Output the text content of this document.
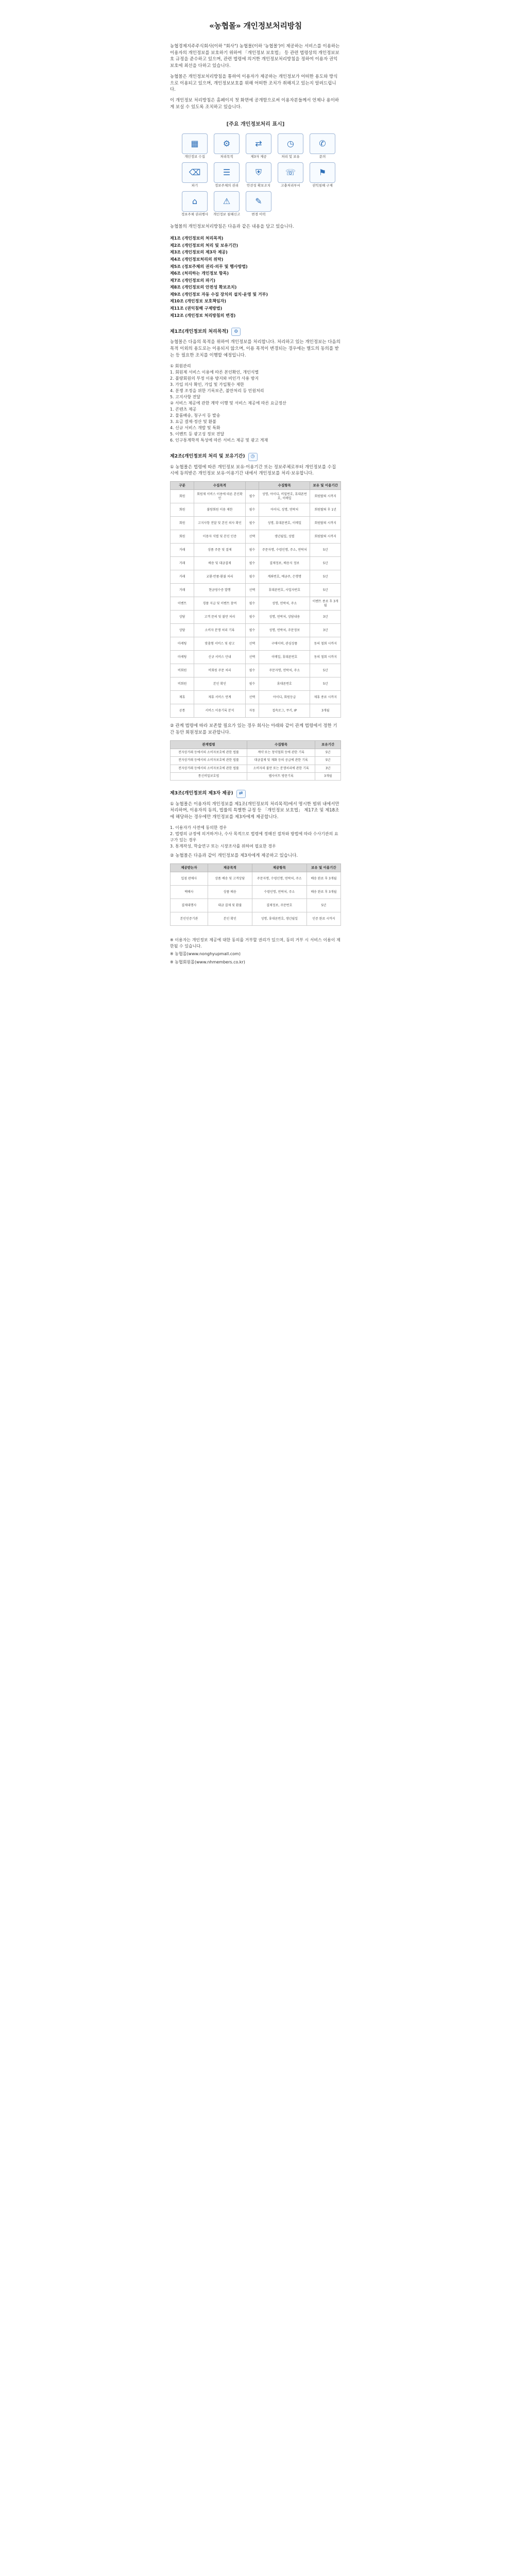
«농협몰» 개인정보처리방침

농협경제지주주식회사(이하 "회사") 농협몰(이하 '농협몰')이 제공하는 서비스를 이용하는 이용자의 개인정보를 보호하기 위하여 「개인정보 보호법」 등 관련 법령상의 개인정보보호 규정을 준수하고 있으며, 관련 법령에 의거한 개인정보처리방침을 정하여 이용자 권익 보호에 최선을 다하고 있습니다.

농협몰은 개인정보처리방침을 통하여 이용자가 제공하는 개인정보가 어떠한 용도와 방식으로 이용되고 있으며, 개인정보보호를 위해 어떠한 조치가 취해지고 있는지 알려드립니다.

이 개인정보 처리방침은 홈페이지 첫 화면에 공개함으로써 이용자분들께서 언제나 용이하게 보실 수 있도록 조치하고 있습니다.

[주요 개인정보처리 표시]
▦
개인정보 수집
⚙
처리목적
⇄
제3자 제공
◷
처리 및 보유
✆
문의
⌫
파기
☰
정보주체의 권리
⛨
안전성 확보조치
☏
고충처리부서
⚑
권익침해 구제
⌂
정보주체 권리행사
⚠
개인정보 침해신고
✎
변경 이력

농협몰의 개인정보처리방침은 다음과 같은 내용을 담고 있습니다.

제1조 (개인정보의 처리목적)
제2조 (개인정보의 처리 및 보유기간)
제3조 (개인정보의 제3자 제공)
제4조 (개인정보처리의 위탁)
제5조 (정보주체의 권리·의무 및 행사방법)
제6조 (처리하는 개인정보 항목)
제7조 (개인정보의 파기)
제8조 (개인정보의 안전성 확보조치)
제9조 (개인정보 자동 수집 장치의 설치·운영 및 거부)
제10조 (개인정보 보호책임자)
제11조 (권익침해 구제방법)
제12조 (개인정보 처리방침의 변경)
제1조(개인정보의 처리목적)	⚙

농협몰은 다음의 목적을 위하여 개인정보를 처리합니다. 처리하고 있는 개인정보는 다음의 목적 이외의 용도로는 이용되지 않으며, 이용 목적이 변경되는 경우에는 별도의 동의를 받는 등 필요한 조치를 이행할 예정입니다.

① 회원관리
1. 회원제 서비스 이용에 따른 본인확인, 개인식별
2. 불량회원의 부정 이용 방지와 비인가 사용 방지
3. 가입 의사 확인, 가입 및 가입횟수 제한
4. 분쟁 조정을 위한 기록보존, 불만처리 등 민원처리
5. 고지사항 전달
② 서비스 제공에 관한 계약 이행 및 서비스 제공에 따른 요금정산
1. 콘텐츠 제공
2. 물품배송, 청구서 등 발송
3. 요금 결제·정산 및 환불
4. 신규 서비스 개발 및 특화
5. 이벤트 등 광고성 정보 전달
6. 인구통계학적 특성에 따른 서비스 제공 및 광고 게재
제2조(개인정보의 처리 및 보유기간)	◷

① 농협몰은 법령에 따른 개인정보 보유·이용기간 또는 정보주체로부터 개인정보를 수집 시에 동의받은 개인정보 보유·이용기간 내에서 개인정보를 처리·보유합니다.

구분	수집목적		수집항목	보유 및 이용기간
회원	회원제 서비스 이용에 따른 본인확인	필수	성명, 아이디, 비밀번호, 휴대폰번호, 이메일	회원탈퇴 시까지
회원	불량회원 이용 제한	필수	아이디, 성명, 연락처	회원탈퇴 후 1년
회원	고지사항 전달 및 본인 의사 확인	필수	성명, 휴대폰번호, 이메일	회원탈퇴 시까지
회원	이용자 식별 및 본인 인증	선택	생년월일, 성별	회원탈퇴 시까지
거래	상품 주문 및 결제	필수	주문자명, 수령인명, 주소, 연락처	5년
거래	배송 및 대금결제	필수	결제정보, 배송지 정보	5년
거래	교환·반품·환불 처리	필수	계좌번호, 예금주, 은행명	5년
거래	현금영수증 발행	선택	휴대폰번호, 사업자번호	5년
이벤트	경품 지급 및 이벤트 참여	필수	성명, 연락처, 주소	이벤트 종료 후 3개월
상담	고객 문의 및 불만 처리	필수	성명, 연락처, 상담내용	3년
상담	소비자 분쟁 처리 기록	필수	성명, 연락처, 주문정보	3년
마케팅	맞춤형 서비스 및 광고	선택	구매이력, 관심상품	동의 철회 시까지
마케팅	신규 서비스 안내	선택	이메일, 휴대폰번호	동의 철회 시까지
비회원	비회원 주문 처리	필수	주문자명, 연락처, 주소	5년
비회원	본인 확인	필수	휴대폰번호	5년
제휴	제휴 서비스 연계	선택	아이디, 회원등급	제휴 종료 시까지
공통	서비스 이용기록 분석	자동	접속로그, 쿠키, IP	3개월

② 관계 법령에 따라 보존할 필요가 있는 경우 회사는 아래와 같이 관계 법령에서 정한 기간 동안 회원정보를 보관합니다.

관계법령	수집항목	보유기간
전자상거래 등에서의 소비자보호에 관한 법률	계약 또는 청약철회 등에 관한 기록	5년
전자상거래 등에서의 소비자보호에 관한 법률	대금결제 및 재화 등의 공급에 관한 기록	5년
전자상거래 등에서의 소비자보호에 관한 법률	소비자의 불만 또는 분쟁처리에 관한 기록	3년
통신비밀보호법	웹사이트 방문기록	3개월
제3조(개인정보의 제3자 제공)	⇄

① 농협몰은 이용자의 개인정보를 제1조(개인정보의 처리목적)에서 명시한 범위 내에서만 처리하며, 이용자의 동의, 법률의 특별한 규정 등 「개인정보 보호법」 제17조 및 제18조에 해당하는 경우에만 개인정보를 제3자에게 제공합니다.

1. 이용자가 사전에 동의한 경우
2. 법령의 규정에 의거하거나, 수사 목적으로 법령에 정해진 절차와 방법에 따라 수사기관의 요구가 있는 경우
3. 통계작성, 학술연구 또는 시장조사를 위하여 필요한 경우

② 농협몰은 다음과 같이 개인정보를 제3자에게 제공하고 있습니다.

제공받는자	제공목적	제공항목	보유 및 이용기간
입점 판매사	상품 배송 및 고객상담	주문자명, 수령인명, 연락처, 주소	배송 완료 후 3개월
택배사	상품 배송	수령인명, 연락처, 주소	배송 완료 후 3개월
결제대행사	대금 결제 및 환불	결제정보, 주문번호	5년
본인인증기관	본인 확인	성명, 휴대폰번호, 생년월일	인증 완료 시까지

※ 이용자는 개인정보 제공에 대한 동의를 거부할 권리가 있으며, 동의 거부 시 서비스 이용이 제한될 수 있습니다.

※ 농협몰(www.nonghyupmall.com)

※ 농협회원몰(www.nhmembers.co.kr)
